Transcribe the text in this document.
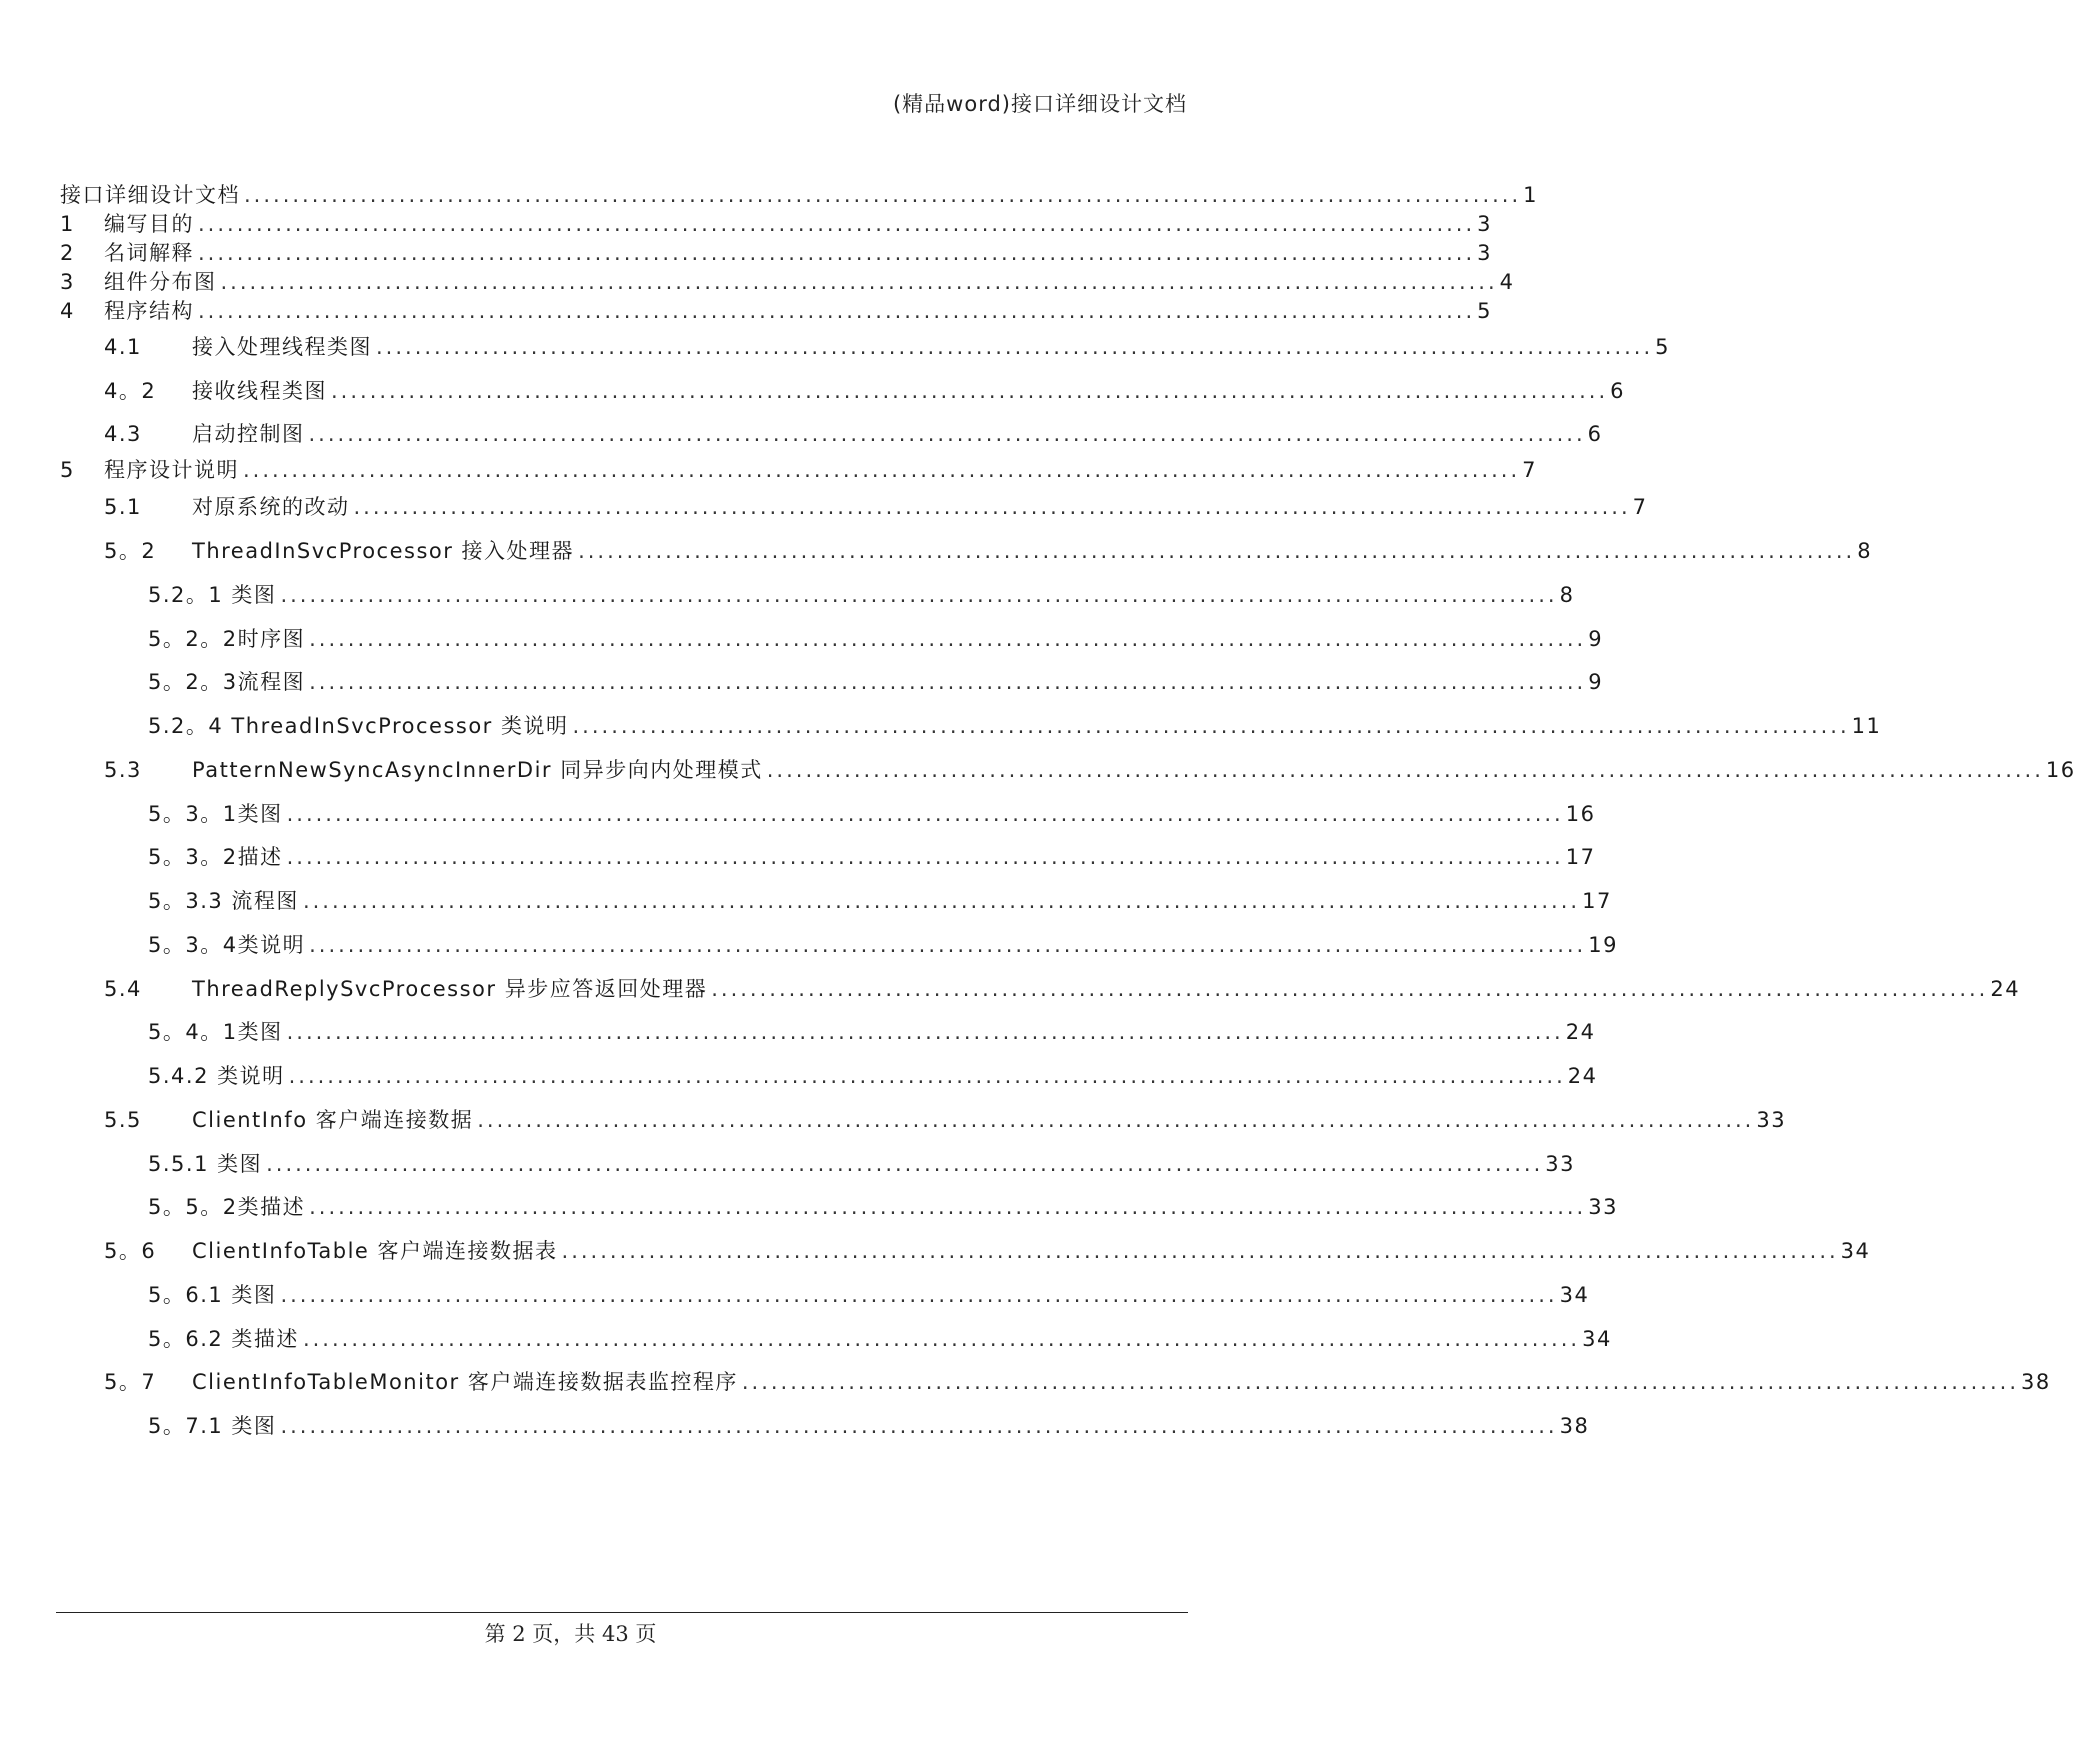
(精品word)接口详细设计文档
接口详细设计文档 .................................................................................................................................... 1
1	编写目的 .................................................................................................................................... 3
2	名词解释 .................................................................................................................................... 3
3	组件分布图 .................................................................................................................................... 4
4	程序结构 .................................................................................................................................... 5
4.1	接入处理线程类图 .................................................................................................................................... 5
4。2	接收线程类图 .................................................................................................................................... 6
4.3	启动控制图 .................................................................................................................................... 6
5	程序设计说明 .................................................................................................................................... 7
5.1	对原系统的改动 .................................................................................................................................... 7
5。2	ThreadInSvcProcessor 接入处理器 .................................................................................................................................... 8
5.2。1 类图 .................................................................................................................................... 8
5。2。2时序图 .................................................................................................................................... 9
5。2。3流程图 .................................................................................................................................... 9
5.2。4 ThreadInSvcProcessor 类说明 .................................................................................................................................... 11
5.3	PatternNewSyncAsyncInnerDir 同异步向内处理模式 .................................................................................................................................... 16
5。3。1类图 .................................................................................................................................... 16
5。3。2描述 .................................................................................................................................... 17
5。3.3 流程图 .................................................................................................................................... 17
5。3。4类说明 .................................................................................................................................... 19
5.4	ThreadReplySvcProcessor 异步应答返回处理器 .................................................................................................................................... 24
5。4。1类图 .................................................................................................................................... 24
5.4.2 类说明 .................................................................................................................................... 24
5.5	ClientInfo 客户端连接数据 .................................................................................................................................... 33
5.5.1 类图 .................................................................................................................................... 33
5。5。2类描述 .................................................................................................................................... 33
5。6	ClientInfoTable 客户端连接数据表 .................................................................................................................................... 34
5。6.1 类图 .................................................................................................................................... 34
5。6.2 类描述 .................................................................................................................................... 34
5。7	ClientInfoTableMonitor 客户端连接数据表监控程序 .................................................................................................................................... 38
5。7.1 类图 .................................................................................................................................... 38
第 2 页，共 43 页
